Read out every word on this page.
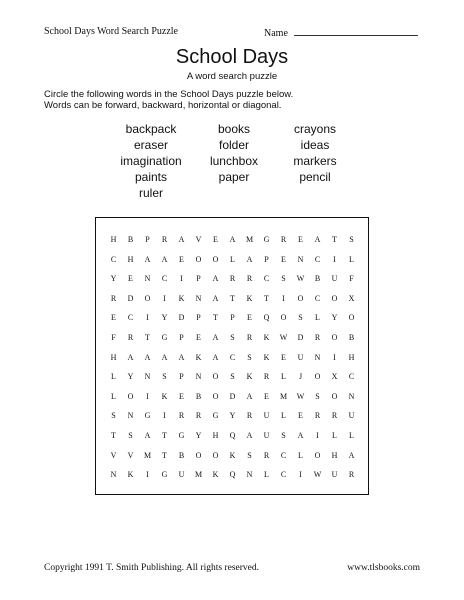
School Days Word Search Puzzle	Name
School Days
A word search puzzle
Circle the following words in the School Days puzzle below.
Words can be forward, backward, horizontal or diagonal.
backpack	books	crayons
eraser	folder	ideas
imagination	lunchbox	markers
paints	paper	pencil
ruler
H	B	P	R	A	V	E	A	M	G	R	E	A	T	S
C	H	A	A	E	O	O	L	A	P	E	N	C	I	L
Y	E	N	C	I	P	A	R	R	C	S	W	B	U	F
R	D	O	I	K	N	A	T	K	T	I	O	C	O	X
E	C	I	Y	D	P	T	P	E	Q	O	S	L	Y	O
F	R	T	G	P	E	A	S	R	K	W	D	R	O	B
H	A	A	A	A	K	A	C	S	K	E	U	N	I	H
L	Y	N	S	P	N	O	S	K	R	L	J	O	X	C
L	O	I	K	E	B	O	D	A	E	M	W	S	O	N
S	N	G	I	R	R	G	Y	R	U	L	E	R	R	U
T	S	A	T	G	Y	H	Q	A	U	S	A	I	L	L
V	V	M	T	B	O	O	K	S	R	C	L	O	H	A
N	K	I	G	U	M	K	Q	N	L	C	I	W	U	R
Copyright 1991 T. Smith Publishing. All rights reserved.	www.tlsbooks.com
